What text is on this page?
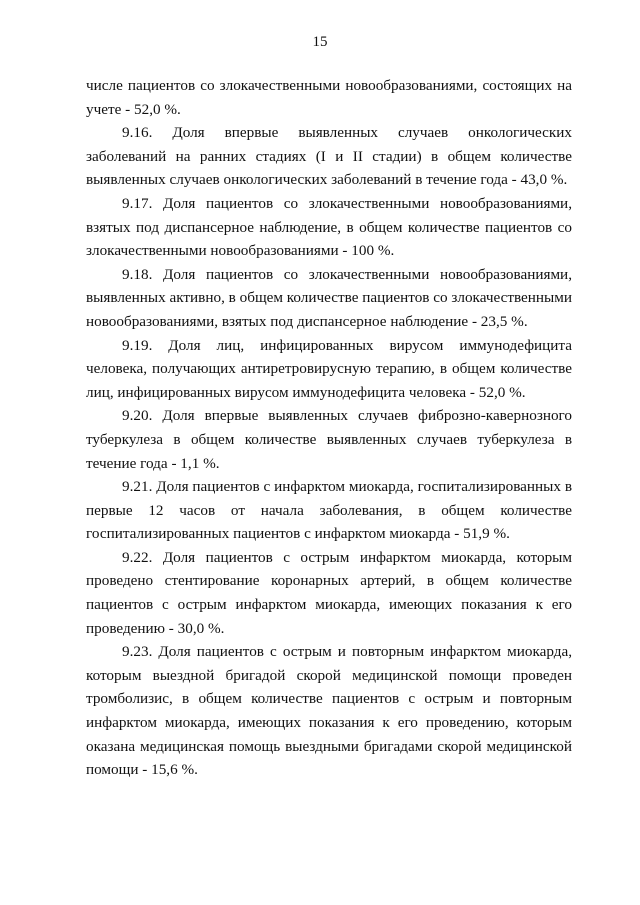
15

числе пациентов со злокачественными новообразованиями, состоящих на учете - 52,0 %.

9.16. Доля впервые выявленных случаев онкологических заболеваний на ранних стадиях (I и II стадии) в общем количестве выявленных случаев онкологических заболеваний в течение года - 43,0 %.

9.17. Доля пациентов со злокачественными новообразованиями, взятых под диспансерное наблюдение, в общем количестве пациентов со злокачественными новообразованиями - 100 %.

9.18. Доля пациентов со злокачественными новообразованиями, выявленных активно, в общем количестве пациентов со злокачественными новообразованиями, взятых под диспансерное наблюдение - 23,5 %.

9.19. Доля лиц, инфицированных вирусом иммунодефицита человека, получающих антиретровирусную терапию, в общем количестве лиц, инфицированных вирусом иммунодефицита человека - 52,0 %.

9.20. Доля впервые выявленных случаев фиброзно-кавернозного туберкулеза в общем количестве выявленных случаев туберкулеза в течение года - 1,1 %.

9.21. Доля пациентов с инфарктом миокарда, госпитализированных в первые 12 часов от начала заболевания, в общем количестве госпитализированных пациентов с инфарктом миокарда - 51,9 %.

9.22. Доля пациентов с острым инфарктом миокарда, которым проведено стентирование коронарных артерий, в общем количестве пациентов с острым инфарктом миокарда, имеющих показания к его проведению - 30,0 %.

9.23. Доля пациентов с острым и повторным инфарктом миокарда, которым выездной бригадой скорой медицинской помощи проведен тромболизис, в общем количестве пациентов с острым и повторным инфарктом миокарда, имеющих показания к его проведению, которым оказана медицинская помощь выездными бригадами скорой медицинской помощи - 15,6 %.
